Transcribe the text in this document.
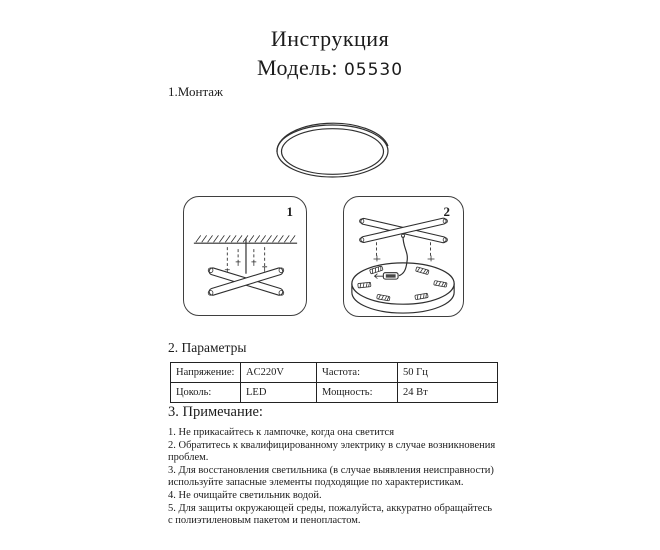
Инструкция
Модель: 05530
1.Монтаж
1	2
2. Параметры
Напряжение:	AC220V	Частота:	50 Гц
Цоколь:	LED	Мощность:	24 Вт
3. Примечание:

1. Не прикасайтесь к лампочке, когда она светится

2. Обратитесь к квалифицированному электрику в случае возникновения проблем.

3. Для восстановления светильника (в случае выявления неисправности) используйте запасные элементы подходящие по характеристикам.

4. Не очищайте светильник водой.

5. Для защиты окружающей среды, пожалуйста, аккуратно обращайтесь с полиэтиленовым пакетом и пенопластом.
